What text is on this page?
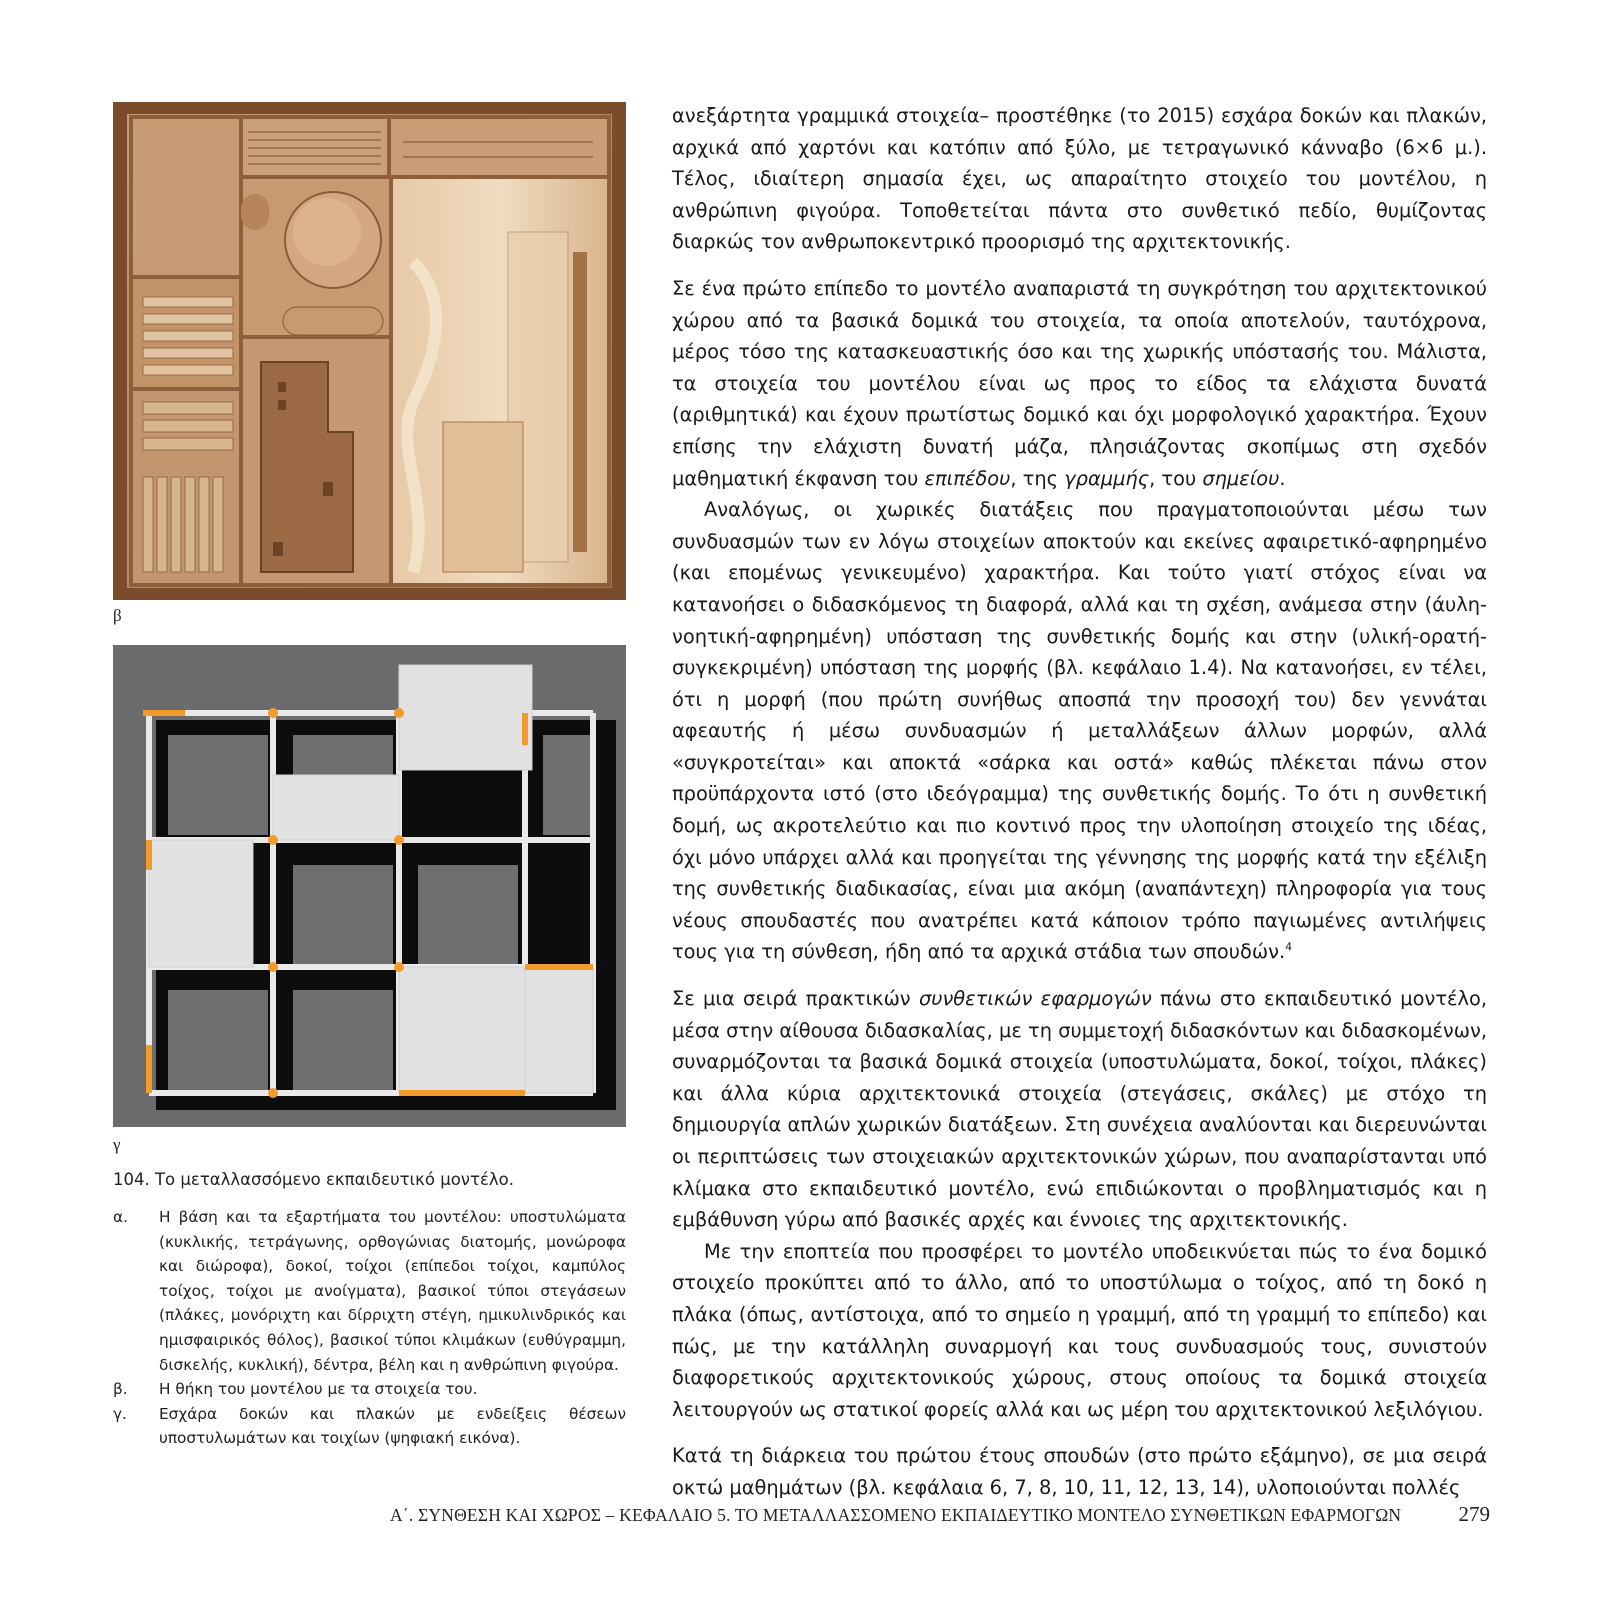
β
γ
104. Το μεταλλασσόμενο εκπαιδευτικό μοντέλο.
α.	Η βάση και τα εξαρτήματα του μοντέλου: υποστυλώματα (κυκλικής, τετράγωνης, ορθογώνιας διατομής, μονώροφα και διώροφα), δοκοί, τοίχοι (επίπεδοι τοίχοι, καμπύλος τοίχος, τοίχοι με ανοίγματα), βασικοί τύποι στεγάσεων (πλάκες, μονόριχτη και δίρριχτη στέγη, ημικυλινδρικός και ημισφαιρικός θόλος), βασικοί τύποι κλιμάκων (ευθύγραμμη, δισκελής, κυκλική), δέντρα, βέλη και η ανθρώπινη φιγούρα.
β.	Η θήκη του μοντέλου με τα στοιχεία του.
γ.	Εσχάρα δοκών και πλακών με ενδείξεις θέσεων υποστυλωμάτων και τοιχίων (ψηφιακή εικόνα).

ανεξάρτητα γραμμικά στοιχεία– προστέθηκε (το 2015) εσχάρα δοκών και πλακών, αρχικά από χαρτόνι και κατόπιν από ξύλο, με τετραγωνικό κάνναβο (6×6 μ.). Τέλος, ιδιαίτερη σημασία έχει, ως απαραίτητο στοιχείο του μοντέλου, η ανθρώπινη φιγούρα. Τοποθετείται πάντα στο συνθετικό πεδίο, θυμίζοντας διαρκώς τον ανθρωποκεντρικό προορισμό της αρχιτεκτονικής.

Σε ένα πρώτο επίπεδο το μοντέλο αναπαριστά τη συγκρότηση του αρχιτεκτονικού χώρου από τα βασικά δομικά του στοιχεία, τα οποία αποτελούν, ταυτόχρονα, μέρος τόσο της κατασκευαστικής όσο και της χωρικής υπόστασής του. Μάλιστα, τα στοιχεία του μοντέλου είναι ως προς το είδος τα ελάχιστα δυνατά (αριθμητικά) και έχουν πρωτίστως δομικό και όχι μορφολογικό χαρακτήρα. Έχουν επίσης την ελάχιστη δυνατή μάζα, πλησιάζοντας σκοπίμως στη σχεδόν μαθηματική έκφανση του επιπέδου, της γραμμής, του σημείου.

Αναλόγως, οι χωρικές διατάξεις που πραγματοποιούνται μέσω των συνδυασμών των εν λόγω στοιχείων αποκτούν και εκείνες αφαιρετικό-αφηρημένο (και επομένως γενικευμένο) χαρακτήρα. Και τούτο γιατί στόχος είναι να κατανοήσει ο διδασκόμενος τη διαφορά, αλλά και τη σχέση, ανάμεσα στην (άυλη-νοητική-αφηρημένη) υπόσταση της συνθετικής δομής και στην (υλική-ορατή-συγκεκριμένη) υπόσταση της μορφής (βλ. κεφάλαιο 1.4). Να κατανοήσει, εν τέλει, ότι η μορφή (που πρώτη συνήθως αποσπά την προσοχή του) δεν γεννάται αφεαυτής ή μέσω συνδυασμών ή μεταλλάξεων άλλων μορφών, αλλά «συγκροτείται» και αποκτά «σάρκα και οστά» καθώς πλέκεται πάνω στον προϋπάρχοντα ιστό (στο ιδεόγραμμα) της συνθετικής δομής. Το ότι η συνθετική δομή, ως ακροτελεύτιο και πιο κοντινό προς την υλοποίηση στοιχείο της ιδέας, όχι μόνο υπάρχει αλλά και προηγείται της γέννησης της μορφής κατά την εξέλιξη της συνθετικής διαδικασίας, είναι μια ακόμη (αναπάντεχη) πληροφορία για τους νέους σπουδαστές που ανατρέπει κατά κάποιον τρόπο παγιωμένες αντιλήψεις τους για τη σύνθεση, ήδη από τα αρχικά στάδια των σπουδών.$^4$

Σε μια σειρά πρακτικών συνθετικών εφαρμογών πάνω στο εκπαιδευτικό μοντέλο, μέσα στην αίθουσα διδασκαλίας, με τη συμμετοχή διδασκόντων και διδασκομένων, συναρμόζονται τα βασικά δομικά στοιχεία (υποστυλώματα, δοκοί, τοίχοι, πλάκες) και άλλα κύρια αρχιτεκτονικά στοιχεία (στεγάσεις, σκάλες) με στόχο τη δημιουργία απλών χωρικών διατάξεων. Στη συνέχεια αναλύονται και διερευνώνται οι περιπτώσεις των στοιχειακών αρχιτεκτονικών χώρων, που αναπαρίστανται υπό κλίμακα στο εκπαιδευτικό μοντέλο, ενώ επιδιώκονται ο προβληματισμός και η εμβάθυνση γύρω από βασικές αρχές και έννοιες της αρχιτεκτονικής.

Με την εποπτεία που προσφέρει το μοντέλο υποδεικνύεται πώς το ένα δομικό στοιχείο προκύπτει από το άλλο, από το υποστύλωμα ο τοίχος, από τη δοκό η πλάκα (όπως, αντίστοιχα, από το σημείο η γραμμή, από τη γραμμή το επίπεδο) και πώς, με την κατάλληλη συναρμογή και τους συνδυασμούς τους, συνιστούν διαφορετικούς αρχιτεκτονικούς χώρους, στους οποίους τα δομικά στοιχεία λειτουργούν ως στατικοί φορείς αλλά και ως μέρη του αρχιτεκτονικού λεξιλόγιου.

Κατά τη διάρκεια του πρώτου έτους σπουδών (στο πρώτο εξάμηνο), σε μια σειρά οκτώ μαθημάτων (βλ. κεφάλαια 6, 7, 8, 10, 11, 12, 13, 14), υλοποιούνται πολλές

Α΄. ΣΥΝΘΕΣΗ ΚΑΙ ΧΩΡΟΣ – ΚΕΦΑΛΑΙΟ 5. ΤΟ ΜΕΤΑΛΛΑΣΣΟΜΕΝΟ ΕΚΠΑΙΔΕΥΤΙΚΟ ΜΟΝΤΕΛΟ ΣΥΝΘΕΤΙΚΩΝ ΕΦΑΡΜΟΓΩΝ	279
